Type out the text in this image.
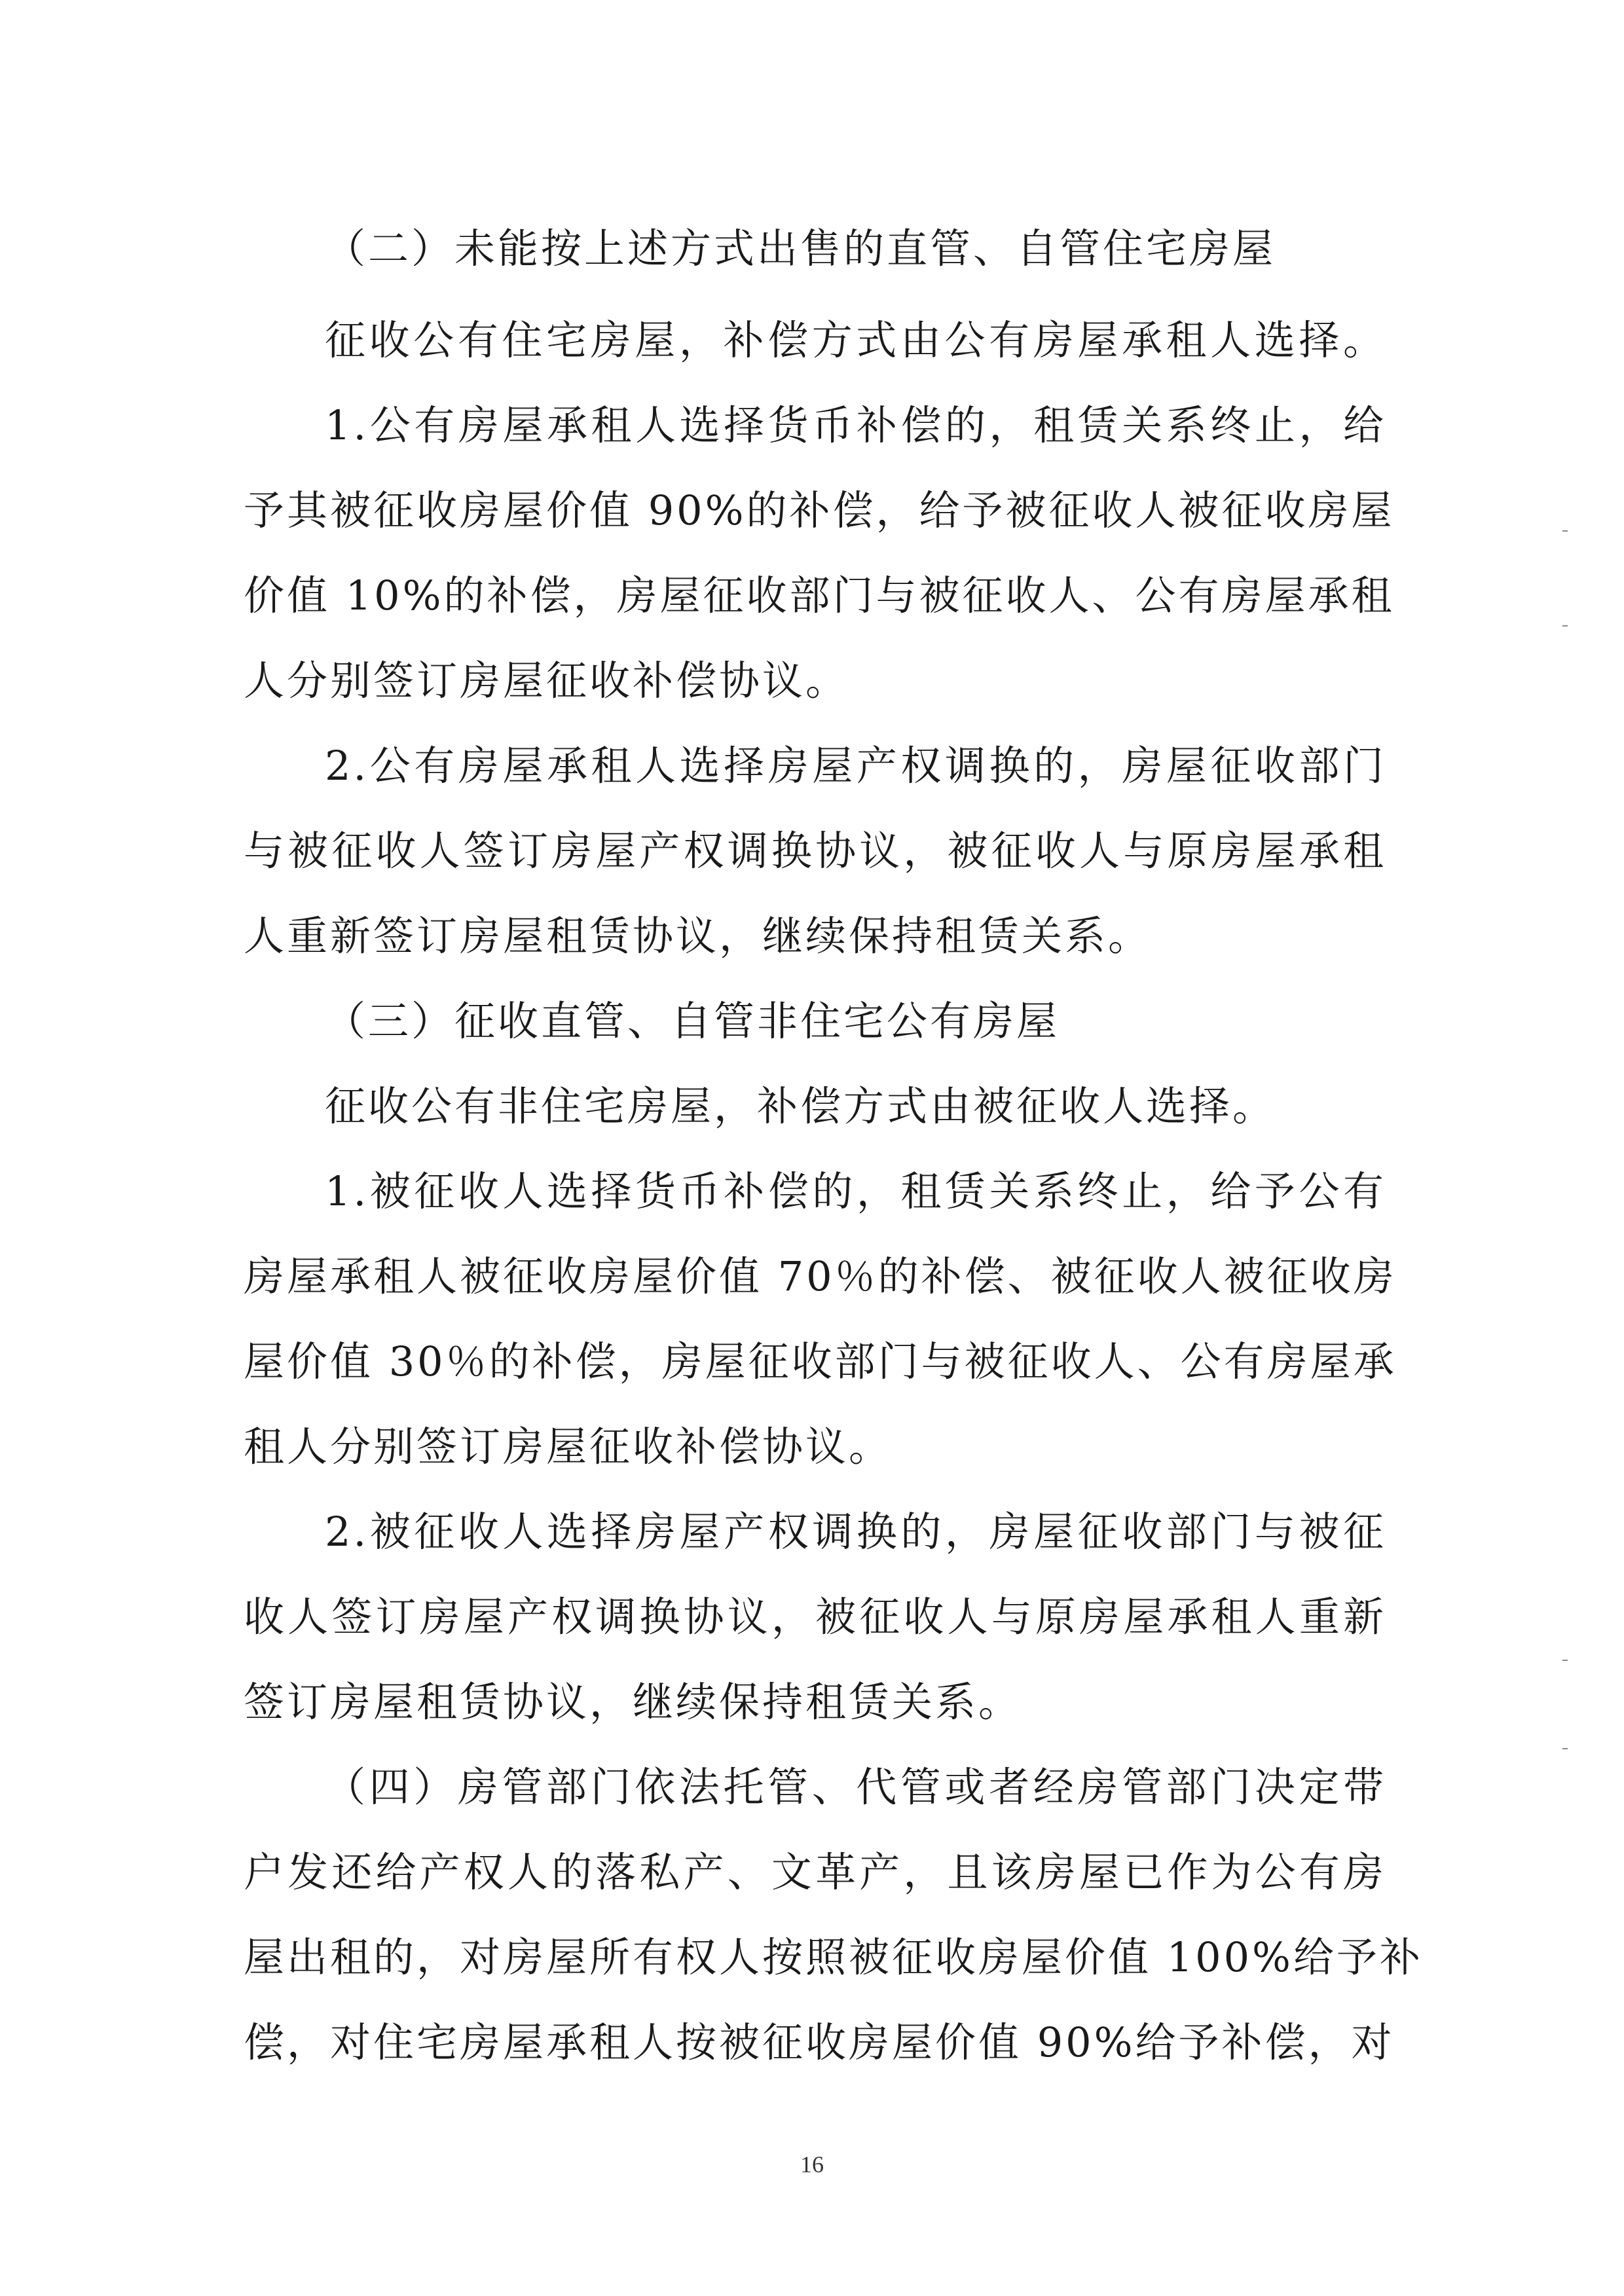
（二）未能按上述方式出售的直管、自管住宅房屋
征收公有住宅房屋，补偿方式由公有房屋承租人选择。
1.公有房屋承租人选择货币补偿的，租赁关系终止，给
予其被征收房屋价值 90%的补偿，给予被征收人被征收房屋
价值 10%的补偿，房屋征收部门与被征收人、公有房屋承租
人分别签订房屋征收补偿协议。
2.公有房屋承租人选择房屋产权调换的，房屋征收部门
与被征收人签订房屋产权调换协议，被征收人与原房屋承租
人重新签订房屋租赁协议，继续保持租赁关系。
（三）征收直管、自管非住宅公有房屋
征收公有非住宅房屋，补偿方式由被征收人选择。
1.被征收人选择货币补偿的，租赁关系终止，给予公有
房屋承租人被征收房屋价值 70％的补偿、被征收人被征收房
屋价值 30％的补偿，房屋征收部门与被征收人、公有房屋承
租人分别签订房屋征收补偿协议。
2.被征收人选择房屋产权调换的，房屋征收部门与被征
收人签订房屋产权调换协议，被征收人与原房屋承租人重新
签订房屋租赁协议，继续保持租赁关系。
（四）房管部门依法托管、代管或者经房管部门决定带
户发还给产权人的落私产、文革产，且该房屋已作为公有房
屋出租的，对房屋所有权人按照被征收房屋价值 100%给予补
偿，对住宅房屋承租人按被征收房屋价值 90%给予补偿，对
16
